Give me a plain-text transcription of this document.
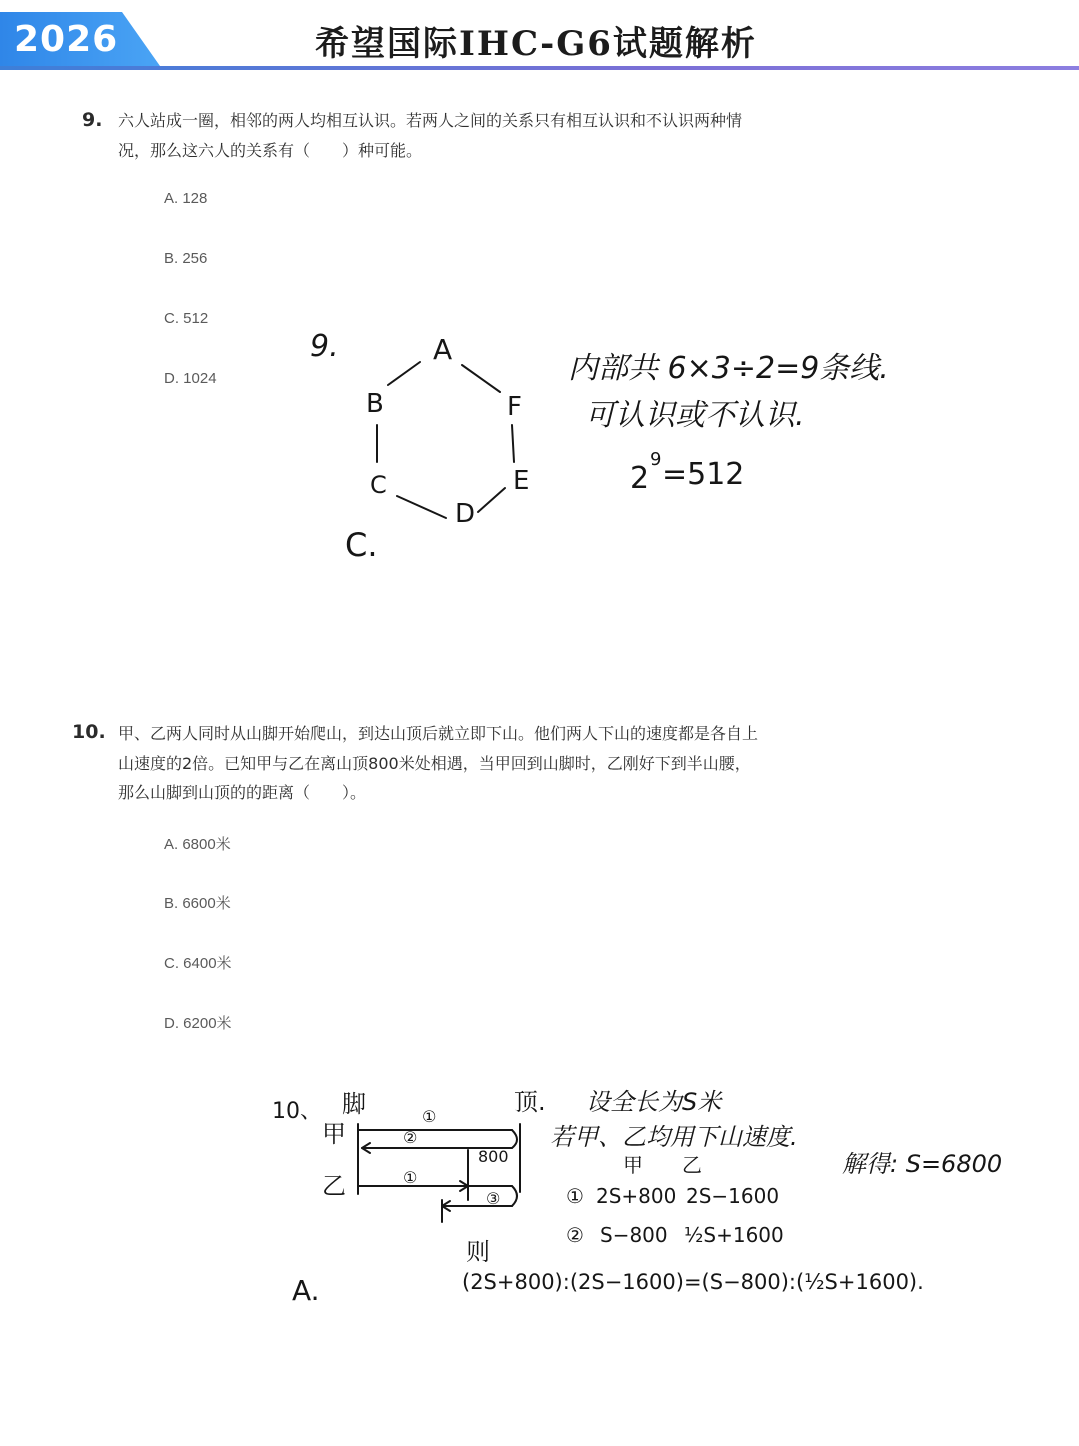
2026	希望国际IHC-G6试题解析
9. 六人站成一圈，相邻的两人均相互认识。若两人之间的关系只有相互认识和不认识两种情
况，那么这六人的关系有（　　）种可能。
A. 128
B. 256
C. 512
D. 1024
9.	A
F
E
D
C
B
C.
内部共 6×3÷2=9条线.
可认识或不认识.
2
9 =512
10. 甲、乙两人同时从山脚开始爬山，到达山顶后就立即下山。他们两人下山的速度都是各自上
山速度的2倍。已知甲与乙在离山顶800米处相遇，当甲回到山脚时，乙刚好下到半山腰，
那么山脚到山顶的的距离（　　）。
A. 6800米
B. 6600米
C. 6400米
D. 6200米
10、 脚	顶.
①
甲
乙
②
800
①
③
设全长为S米
若甲、乙均用下山速度.
甲 乙
① 2S+800 2S−1600
② S−800 ½S+1600
解得: S=6800
则
(2S+800):(2S−1600)=(S−800):(½S+1600).
A.
